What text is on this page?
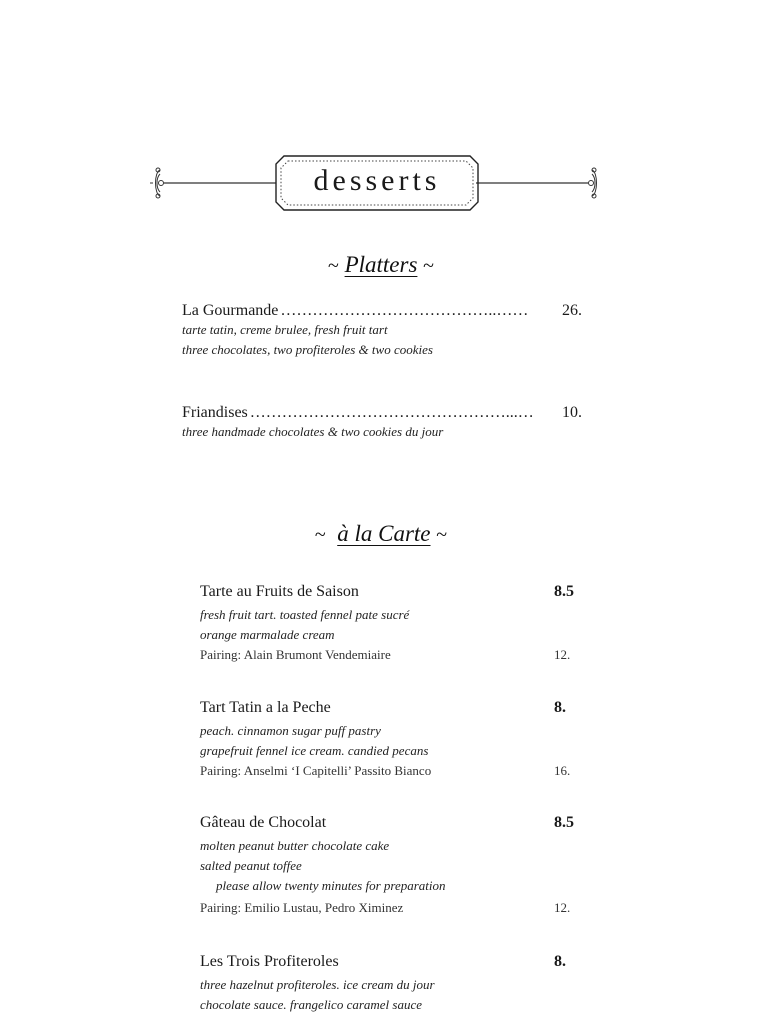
desserts
~ Platters ~
La Gourmande …………………………………..……	26.
tarte tatin, creme brulee, fresh fruit tart
three chocolates, two profiteroles & two cookies
Friandises …………………………………………...…	10.
three handmade chocolates & two cookies du jour
~ à la Carte ~
Tarte au Fruits de Saison	8.5
fresh fruit tart. toasted fennel pate sucré
orange marmalade cream
Pairing: Alain Brumont Vendemiaire	12.
Tart Tatin a la Peche	8.
peach. cinnamon sugar puff pastry
grapefruit fennel ice cream. candied pecans
Pairing: Anselmi ‘I Capitelli’ Passito Bianco	16.
Gâteau de Chocolat	8.5
molten peanut butter chocolate cake
salted peanut toffee
please allow twenty minutes for preparation
Pairing: Emilio Lustau, Pedro Ximinez	12.
Les Trois Profiteroles	8.
three hazelnut profiteroles. ice cream du jour
chocolate sauce. frangelico caramel sauce
